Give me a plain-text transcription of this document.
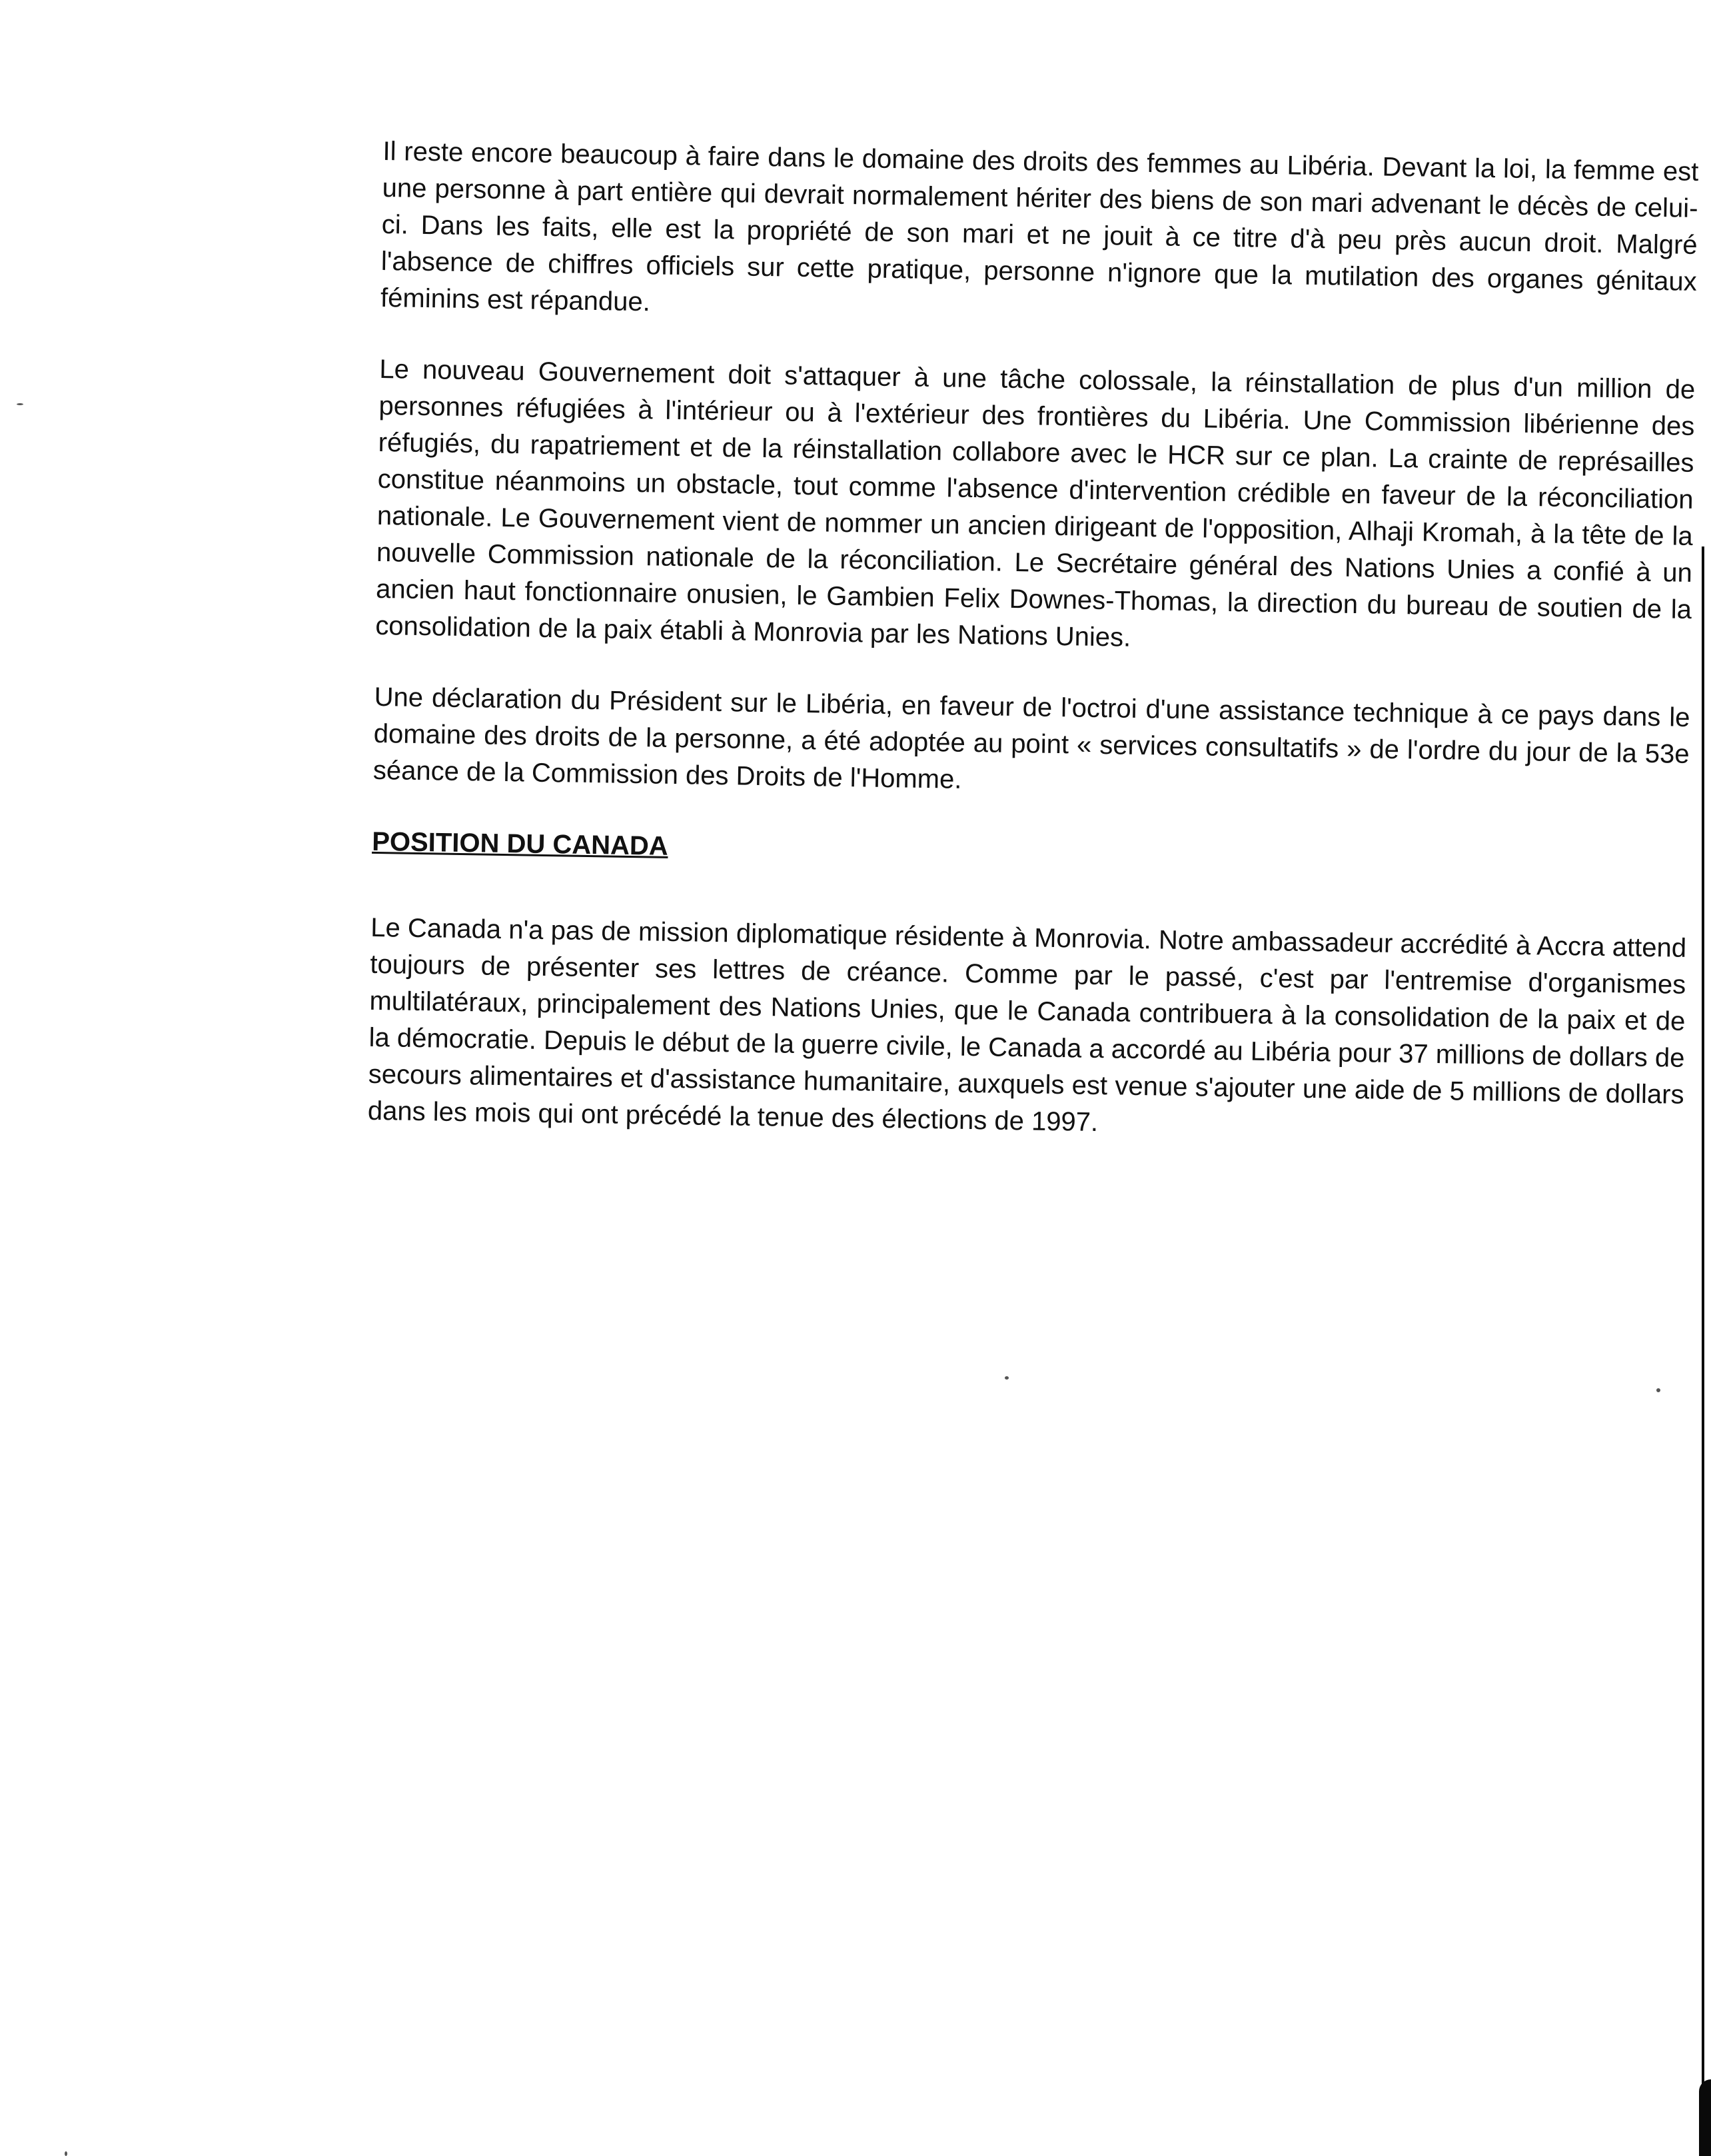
Il reste encore beaucoup à faire dans le domaine des droits des femmes au Libéria. Devant la loi, la femme est une personne à part entière qui devrait normalement hériter des biens de son mari advenant le décès de celui-ci. Dans les faits, elle est la propriété de son mari et ne jouit à ce titre d'à peu près aucun droit. Malgré l'absence de chiffres officiels sur cette pratique, personne n'ignore que la mutilation des organes génitaux féminins est répandue.

Le nouveau Gouvernement doit s'attaquer à une tâche colossale, la réinstallation de plus d'un million de personnes réfugiées à l'intérieur ou à l'extérieur des frontières du Libéria. Une Commission libérienne des réfugiés, du rapatriement et de la réinstallation collabore avec le HCR sur ce plan. La crainte de représailles constitue néanmoins un obstacle, tout comme l'absence d'intervention crédible en faveur de la réconciliation nationale. Le Gouvernement vient de nommer un ancien dirigeant de l'opposition, Alhaji Kromah, à la tête de la nouvelle Commission nationale de la réconciliation. Le Secrétaire général des Nations Unies a confié à un ancien haut fonctionnaire onusien, le Gambien Felix Downes-Thomas, la direction du bureau de soutien de la consolidation de la paix établi à Monrovia par les Nations Unies.

Une déclaration du Président sur le Libéria, en faveur de l'octroi d'une assistance technique à ce pays dans le domaine des droits de la personne, a été adoptée au point « services consultatifs » de l'ordre du jour de la 53e séance de la Commission des Droits de l'Homme.

POSITION DU CANADA

Le Canada n'a pas de mission diplomatique résidente à Monrovia. Notre ambassadeur accrédité à Accra attend toujours de présenter ses lettres de créance. Comme par le passé, c'est par l'entremise d'organismes multilatéraux, principalement des Nations Unies, que le Canada contribuera à la consolidation de la paix et de la démocratie. Depuis le début de la guerre civile, le Canada a accordé au Libéria pour 37 millions de dollars de secours alimentaires et d'assistance humanitaire, auxquels est venue s'ajouter une aide de 5 millions de dollars dans les mois qui ont précédé la tenue des élections de 1997.
